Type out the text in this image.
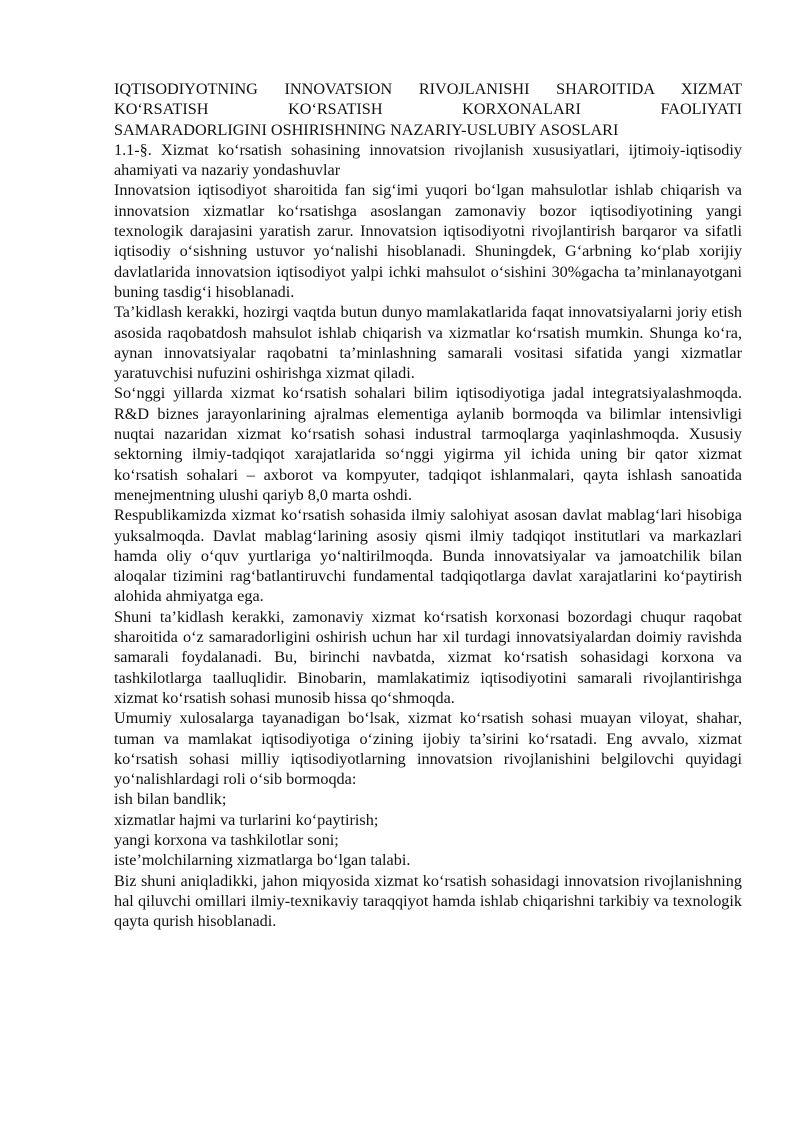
IQTISODIYOTNING INNOVATSION RIVOJLANISHI SHAROITIDA XIZMAT

KO‘RSATISH KO‘RSATISH KORXONALARI FAOLIYATI

SAMARADORLIGINI OSHIRISHNING NAZARIY-USLUBIY ASOSLARI

1.1-§. Xizmat ko‘rsatish sohasining innovatsion rivojlanish xususiyatlari, ijtimoiy-iqtisodiy ahamiyati va nazariy yondashuvlar

Innovatsion iqtisodiyot sharoitida fan sig‘imi yuqori bo‘lgan mahsulotlar ishlab chiqarish va innovatsion xizmatlar ko‘rsatishga asoslangan zamonaviy bozor iqtisodiyotining yangi texnologik darajasini yaratish zarur. Innovatsion iqtisodiyotni rivojlantirish barqaror va sifatli iqtisodiy o‘sishning ustuvor yo‘nalishi hisoblanadi. Shuningdek, G‘arbning ko‘plab xorijiy davlatlarida innovatsion iqtisodiyot yalpi ichki mahsulot o‘sishini 30%gacha ta’minlanayotgani buning tasdig‘i hisoblanadi.

Ta’kidlash kerakki, hozirgi vaqtda butun dunyo mamlakatlarida faqat innovatsiyalarni joriy etish asosida raqobatdosh mahsulot ishlab chiqarish va xizmatlar ko‘rsatish mumkin. Shunga ko‘ra, aynan innovatsiyalar raqobatni ta’minlashning samarali vositasi sifatida yangi xizmatlar yaratuvchisi nufuzini oshirishga xizmat qiladi.

So‘nggi yillarda xizmat ko‘rsatish sohalari bilim iqtisodiyotiga jadal integratsiyalashmoqda. R&D biznes jarayonlarining ajralmas elementiga aylanib bormoqda va bilimlar intensivligi nuqtai nazaridan xizmat ko‘rsatish sohasi industral tarmoqlarga yaqinlashmoqda. Xususiy sektorning ilmiy-tadqiqot xarajatlarida so‘nggi yigirma yil ichida uning bir qator xizmat ko‘rsatish sohalari – axborot va kompyuter, tadqiqot ishlanmalari, qayta ishlash sanoatida menejmentning ulushi qariyb 8,0 marta oshdi.

Respublikamizda xizmat ko‘rsatish sohasida ilmiy salohiyat asosan davlat mablag‘lari hisobiga yuksalmoqda. Davlat mablag‘larining asosiy qismi ilmiy tadqiqot institutlari va markazlari hamda oliy o‘quv yurtlariga yo‘naltirilmoqda. Bunda innovatsiyalar va jamoatchilik bilan aloqalar tizimini rag‘batlantiruvchi fundamental tadqiqotlarga davlat xarajatlarini ko‘paytirish alohida ahmiyatga ega.

Shuni ta’kidlash kerakki, zamonaviy xizmat ko‘rsatish korxonasi bozordagi chuqur raqobat sharoitida o‘z samaradorligini oshirish uchun har xil turdagi innovatsiyalardan doimiy ravishda samarali foydalanadi. Bu, birinchi navbatda, xizmat ko‘rsatish sohasidagi korxona va tashkilotlarga taalluqlidir. Binobarin, mamlakatimiz iqtisodiyotini samarali rivojlantirishga xizmat ko‘rsatish sohasi munosib hissa qo‘shmoqda.

Umumiy xulosalarga tayanadigan bo‘lsak, xizmat ko‘rsatish sohasi muayan viloyat, shahar, tuman va mamlakat iqtisodiyotiga o‘zining ijobiy ta’sirini ko‘rsatadi. Eng avvalo, xizmat ko‘rsatish sohasi milliy iqtisodiyotlarning innovatsion rivojlanishini belgilovchi quyidagi yo‘nalishlardagi roli o‘sib bormoqda:

ish bilan bandlik;

xizmatlar hajmi va turlarini ko‘paytirish;

yangi korxona va tashkilotlar soni;

iste’molchilarning xizmatlarga bo‘lgan talabi.

Biz shuni aniqladikki, jahon miqyosida xizmat ko‘rsatish sohasidagi innovatsion rivojlanishning hal qiluvchi omillari ilmiy-texnikaviy taraqqiyot hamda ishlab chiqarishni tarkibiy va texnologik qayta qurish hisoblanadi.
